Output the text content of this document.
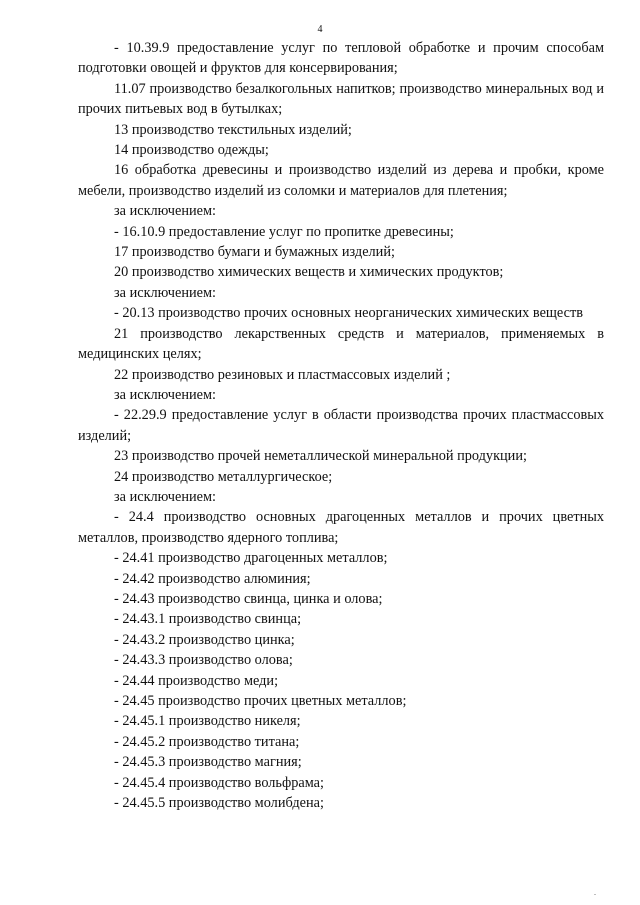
4

- 10.39.9 предоставление услуг по тепловой обработке и прочим способам подготовки овощей и фруктов для консервирования;

11.07 производство безалкогольных напитков; производство минеральных вод и прочих питьевых вод в бутылках;

13 производство текстильных изделий;

14 производство одежды;

16 обработка древесины и производство изделий из дерева и пробки, кроме мебели, производство изделий из соломки и материалов для плетения;

за исключением:

- 16.10.9 предоставление услуг по пропитке древесины;

17 производство бумаги и бумажных изделий;

20 производство химических веществ и химических продуктов;

за исключением:

- 20.13 производство прочих основных неорганических химических веществ

21 производство лекарственных средств и материалов, применяемых в медицинских целях;

22 производство резиновых и пластмассовых изделий ;

за исключением:

- 22.29.9 предоставление услуг в области производства прочих пластмассовых изделий;

23 производство прочей неметаллической минеральной продукции;

24 производство металлургическое;

за исключением:

- 24.4 производство основных драгоценных металлов и прочих цветных металлов, производство ядерного топлива;

- 24.41 производство драгоценных металлов;

- 24.42 производство алюминия;

- 24.43 производство свинца, цинка и олова;

- 24.43.1 производство свинца;

- 24.43.2 производство цинка;

- 24.43.3 производство олова;

- 24.44 производство меди;

- 24.45 производство прочих цветных металлов;

- 24.45.1 производство никеля;

- 24.45.2 производство титана;

- 24.45.3 производство магния;

- 24.45.4 производство вольфрама;

- 24.45.5 производство молибдена;

.
